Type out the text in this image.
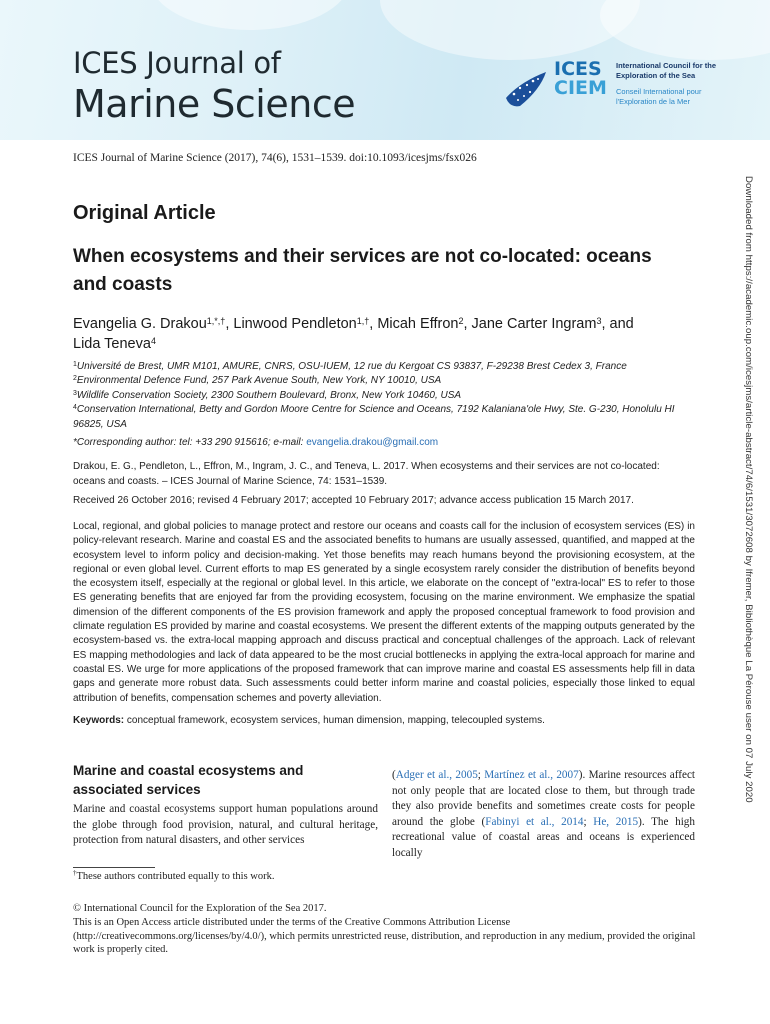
ICES Journal of
Marine Science
ICES
CIEM
International Council for the Exploration of the Sea
Conseil International pour l'Exploration de la Mer
ICES Journal of Marine Science (2017), 74(6), 1531–1539. doi:10.1093/icesjms/fsx026
Downloaded from https://academic.oup.com/icesjms/article-abstract/74/6/1531/3072608 by Ifremer, Bibliothèque La Pérouse user on 07 July 2020
Original Article
When ecosystems and their services are not co-located: oceans and coasts
Evangelia G. Drakou$^{1,*,\dagger}$, Linwood Pendleton$^{1,\dagger}$, Micah Effron$^2$, Jane Carter Ingram$^3$, and
Lida Teneva$^4$
$^1$Université de Brest, UMR M101, AMURE, CNRS, OSU-IUEM, 12 rue du Kergoat CS 93837, F-29238 Brest Cedex 3, France
$^2$Environmental Defence Fund, 257 Park Avenue South, New York, NY 10010, USA
$^3$Wildlife Conservation Society, 2300 Southern Boulevard, Bronx, New York 10460, USA
$^4$Conservation International, Betty and Gordon Moore Centre for Science and Oceans, 7192 Kalaniana'ole Hwy, Ste. G-230, Honolulu HI 96825, USA
*Corresponding author: tel: +33 290 915616; e-mail: evangelia.drakou@gmail.com
Drakou, E. G., Pendleton, L., Effron, M., Ingram, J. C., and Teneva, L. 2017. When ecosystems and their services are not co-located: oceans and coasts. – ICES Journal of Marine Science, 74: 1531–1539.
Received 26 October 2016; revised 4 February 2017; accepted 10 February 2017; advance access publication 15 March 2017.
Local, regional, and global policies to manage protect and restore our oceans and coasts call for the inclusion of ecosystem services (ES) in policy-relevant research. Marine and coastal ES and the associated benefits to humans are usually assessed, quantified, and mapped at the ecosystem level to inform policy and decision-making. Yet those benefits may reach humans beyond the provisioning ecosystem, at the regional or even global level. Current efforts to map ES generated by a single ecosystem rarely consider the distribution of benefits beyond the ecosystem itself, especially at the regional or global level. In this article, we elaborate on the concept of "extra-local" ES to refer to those ES generating benefits that are enjoyed far from the providing ecosystem, focusing on the marine environment. We emphasize the spatial dimension of the different components of the ES provision framework and apply the proposed conceptual framework to food provision and climate regulation ES provided by marine and coastal ecosystems. We present the different extents of the mapping outputs generated by the ecosystem-based vs. the extra-local mapping approach and discuss practical and conceptual challenges of the approach. Lack of relevant ES mapping methodologies and lack of data appeared to be the most crucial bottlenecks in applying the extra-local approach for marine and coastal ES. We urge for more applications of the proposed framework that can improve marine and coastal ES assessments help fill in data gaps and generate more robust data. Such assessments could better inform marine and coastal policies, especially those linked to equal attribution of benefits, compensation schemes and poverty alleviation.
Keywords: conceptual framework, ecosystem services, human dimension, mapping, telecoupled systems.
Marine and coastal ecosystems and associated services
Marine and coastal ecosystems support human populations around the globe through food provision, natural, and cultural heritage, protection from natural disasters, and other services
(Adger et al., 2005; Martínez et al., 2007). Marine resources affect not only people that are located close to them, but through trade they also provide benefits and sometimes create costs for people around the globe (Fabinyi et al., 2014; He, 2015). The high recreational value of coastal areas and oceans is experienced locally
†These authors contributed equally to this work.
© International Council for the Exploration of the Sea 2017.
This is an Open Access article distributed under the terms of the Creative Commons Attribution License (http://creativecommons.org/licenses/by/4.0/), which permits unrestricted reuse, distribution, and reproduction in any medium, provided the original work is properly cited.
